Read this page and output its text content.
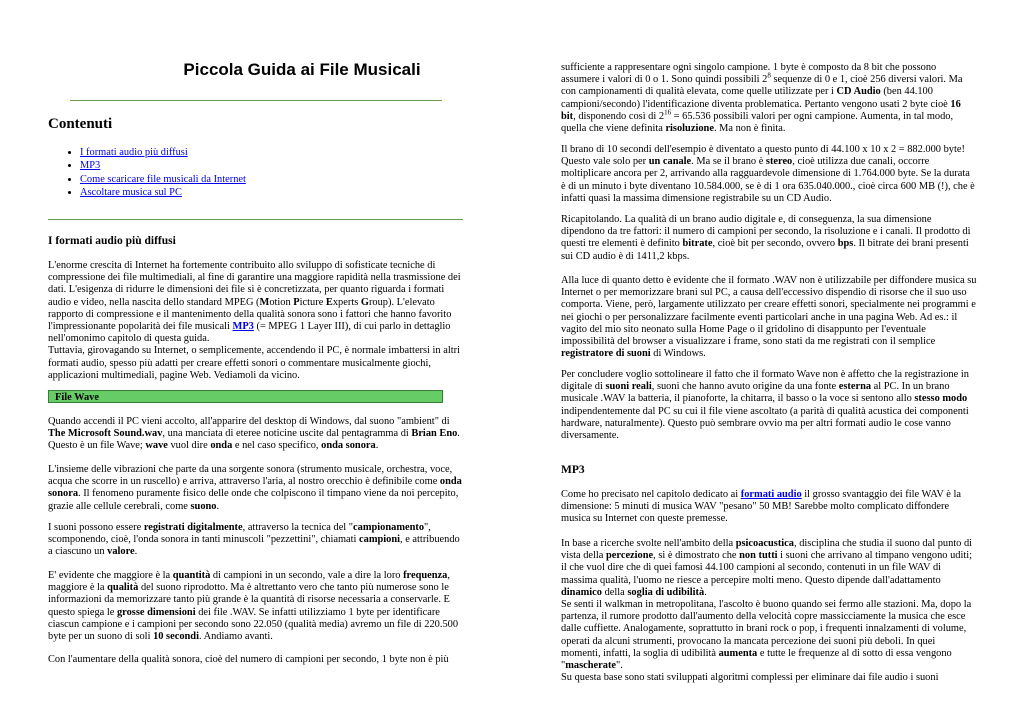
Piccola Guida ai File Musicali
Contenuti
• I formati audio più diffusi
• MP3
• Come scaricare file musicali da Internet
• Ascoltare musica sul PC
I formati audio più diffusi

L'enorme crescita di Internet ha fortemente contribuito allo sviluppo di sofisticate tecniche di compressione dei file multimediali, al fine di garantire una maggiore rapidità nella trasmissione dei dati. L'esigenza di ridurre le dimensioni dei file si è concretizzata, per quanto riguarda i formati audio e video, nella nascita dello standard MPEG (Motion Picture Experts Group). L'elevato rapporto di compressione e il mantenimento della qualità sonora sono i fattori che hanno favorito l'impressionante popolarità dei file musicali MP3 (= MPEG 1 Layer III), di cui parlo in dettaglio nell'omonimo capitolo di questa guida.

Tuttavia, girovagando su Internet, o semplicemente, accendendo il PC, è normale imbattersi in altri formati audio, spesso più adatti per creare effetti sonori o commentare musicalmente giochi, applicazioni multimediali, pagine Web. Vediamoli da vicino.

File Wave

Quando accendi il PC vieni accolto, all'apparire del desktop di Windows, dal suono "ambient" di The Microsoft Sound.wav, una manciata di eteree noticine uscite dal pentagramma di Brian Eno. Questo è un file Wave; wave vuol dire onda e nel caso specifico, onda sonora.

L'insieme delle vibrazioni che parte da una sorgente sonora (strumento musicale, orchestra, voce, acqua che scorre in un ruscello) e arriva, attraverso l'aria, al nostro orecchio è definibile come onda sonora. Il fenomeno puramente fisico delle onde che colpiscono il timpano viene da noi percepito, grazie alle cellule cerebrali, come suono.

I suoni possono essere registrati digitalmente, attraverso la tecnica del "campionamento", scomponendo, cioè, l'onda sonora in tanti minuscoli "pezzettini", chiamati campioni, e attribuendo a ciascuno un valore.

E' evidente che maggiore è la quantità di campioni in un secondo, vale a dire la loro frequenza, maggiore è la qualità del suono riprodotto. Ma è altrettanto vero che tanto più numerose sono le informazioni da memorizzare tanto più grande è la quantità di risorse necessaria a conservarle. E questo spiega le grosse dimensioni dei file .WAV. Se infatti utilizziamo 1 byte per identificare ciascun campione e i campioni per secondo sono 22.050 (qualità media) avremo un file di 220.500 byte per un suono di soli 10 secondi. Andiamo avanti.

Con l'aumentare della qualità sonora, cioè del numero di campioni per secondo, 1 byte non è più

sufficiente a rappresentare ogni singolo campione. 1 byte è composto da 8 bit che possono assumere i valori di 0 o 1. Sono quindi possibili $2^8$ sequenze di 0 e 1, cioè 256 diversi valori. Ma con campionamenti di qualità elevata, come quelle utilizzate per i CD Audio (ben 44.100 campioni/secondo) l'identificazione diventa problematica. Pertanto vengono usati 2 byte cioè 16 bit, disponendo così di $2^{16} = 65.536$ possibili valori per ogni campione. Aumenta, in tal modo, quella che viene definita risoluzione. Ma non è finita.

Il brano di 10 secondi dell'esempio è diventato a questo punto di 44.100 x 10 x 2 = 882.000 byte! Questo vale solo per un canale. Ma se il brano è stereo, cioè utilizza due canali, occorre moltiplicare ancora per 2, arrivando alla ragguardevole dimensione di 1.764.000 byte. Se la durata è di un minuto i byte diventano 10.584.000, se è di 1 ora 635.040.000., cioè circa 600 MB (!), che è infatti quasi la massima dimensione registrabile su un CD Audio.

Ricapitolando. La qualità di un brano audio digitale e, di conseguenza, la sua dimensione dipendono da tre fattori: il numero di campioni per secondo, la risoluzione e i canali. Il prodotto di questi tre elementi è definito bitrate, cioè bit per secondo, ovvero bps. Il bitrate dei brani presenti sui CD audio è di 1411,2 kbps.

Alla luce di quanto detto è evidente che il formato .WAV non è utilizzabile per diffondere musica su Internet o per memorizzare brani sul PC, a causa dell'eccessivo dispendio di risorse che il suo uso comporta. Viene, però, largamente utilizzato per creare effetti sonori, specialmente nei programmi e nei giochi o per personalizzare facilmente eventi particolari anche in una pagina Web. Ad es.: il vagito del mio sito neonato sulla Home Page o il gridolino di disappunto per l'eventuale impossibilità del browser a visualizzare i frame, sono stati da me registrati con il semplice registratore di suoni di Windows.

Per concludere voglio sottolineare il fatto che il formato Wave non è affetto che la registrazione in digitale di suoni reali, suoni che hanno avuto origine da una fonte esterna al PC. In un brano musicale .WAV la batteria, il pianoforte, la chitarra, il basso o la voce si sentono allo stesso modo indipendentemente dal PC su cui il file viene ascoltato (a parità di qualità acustica dei componenti hardware, naturalmente). Questo può sembrare ovvio ma per altri formati audio le cose vanno diversamente.

MP3

Come ho precisato nel capitolo dedicato ai formati audio il grosso svantaggio dei file WAV è la dimensione: 5 minuti di musica WAV "pesano" 50 MB! Sarebbe molto complicato diffondere musica su Internet con queste premesse.

In base a ricerche svolte nell'ambito della psicoacustica, disciplina che studia il suono dal punto di vista della percezione, si è dimostrato che non tutti i suoni che arrivano al timpano vengono uditi; il che vuol dire che di quei famosi 44.100 campioni al secondo, contenuti in un file WAV di massima qualità, l'uomo ne riesce a percepire molti meno. Questo dipende dall'adattamento dinamico della soglia di udibilità.

Se senti il walkman in metropolitana, l'ascolto è buono quando sei fermo alle stazioni. Ma, dopo la partenza, il rumore prodotto dall'aumento della velocità copre massicciamente la musica che esce dalle cuffiette. Analogamente, soprattutto in brani rock o pop, i frequenti innalzamenti di volume, operati da alcuni strumenti, provocano la mancata percezione dei suoni più deboli. In quei momenti, infatti, la soglia di udibilità aumenta e tutte le frequenze al di sotto di essa vengono "mascherate".

Su questa base sono stati sviluppati algoritmi complessi per eliminare dai file audio i suoni
